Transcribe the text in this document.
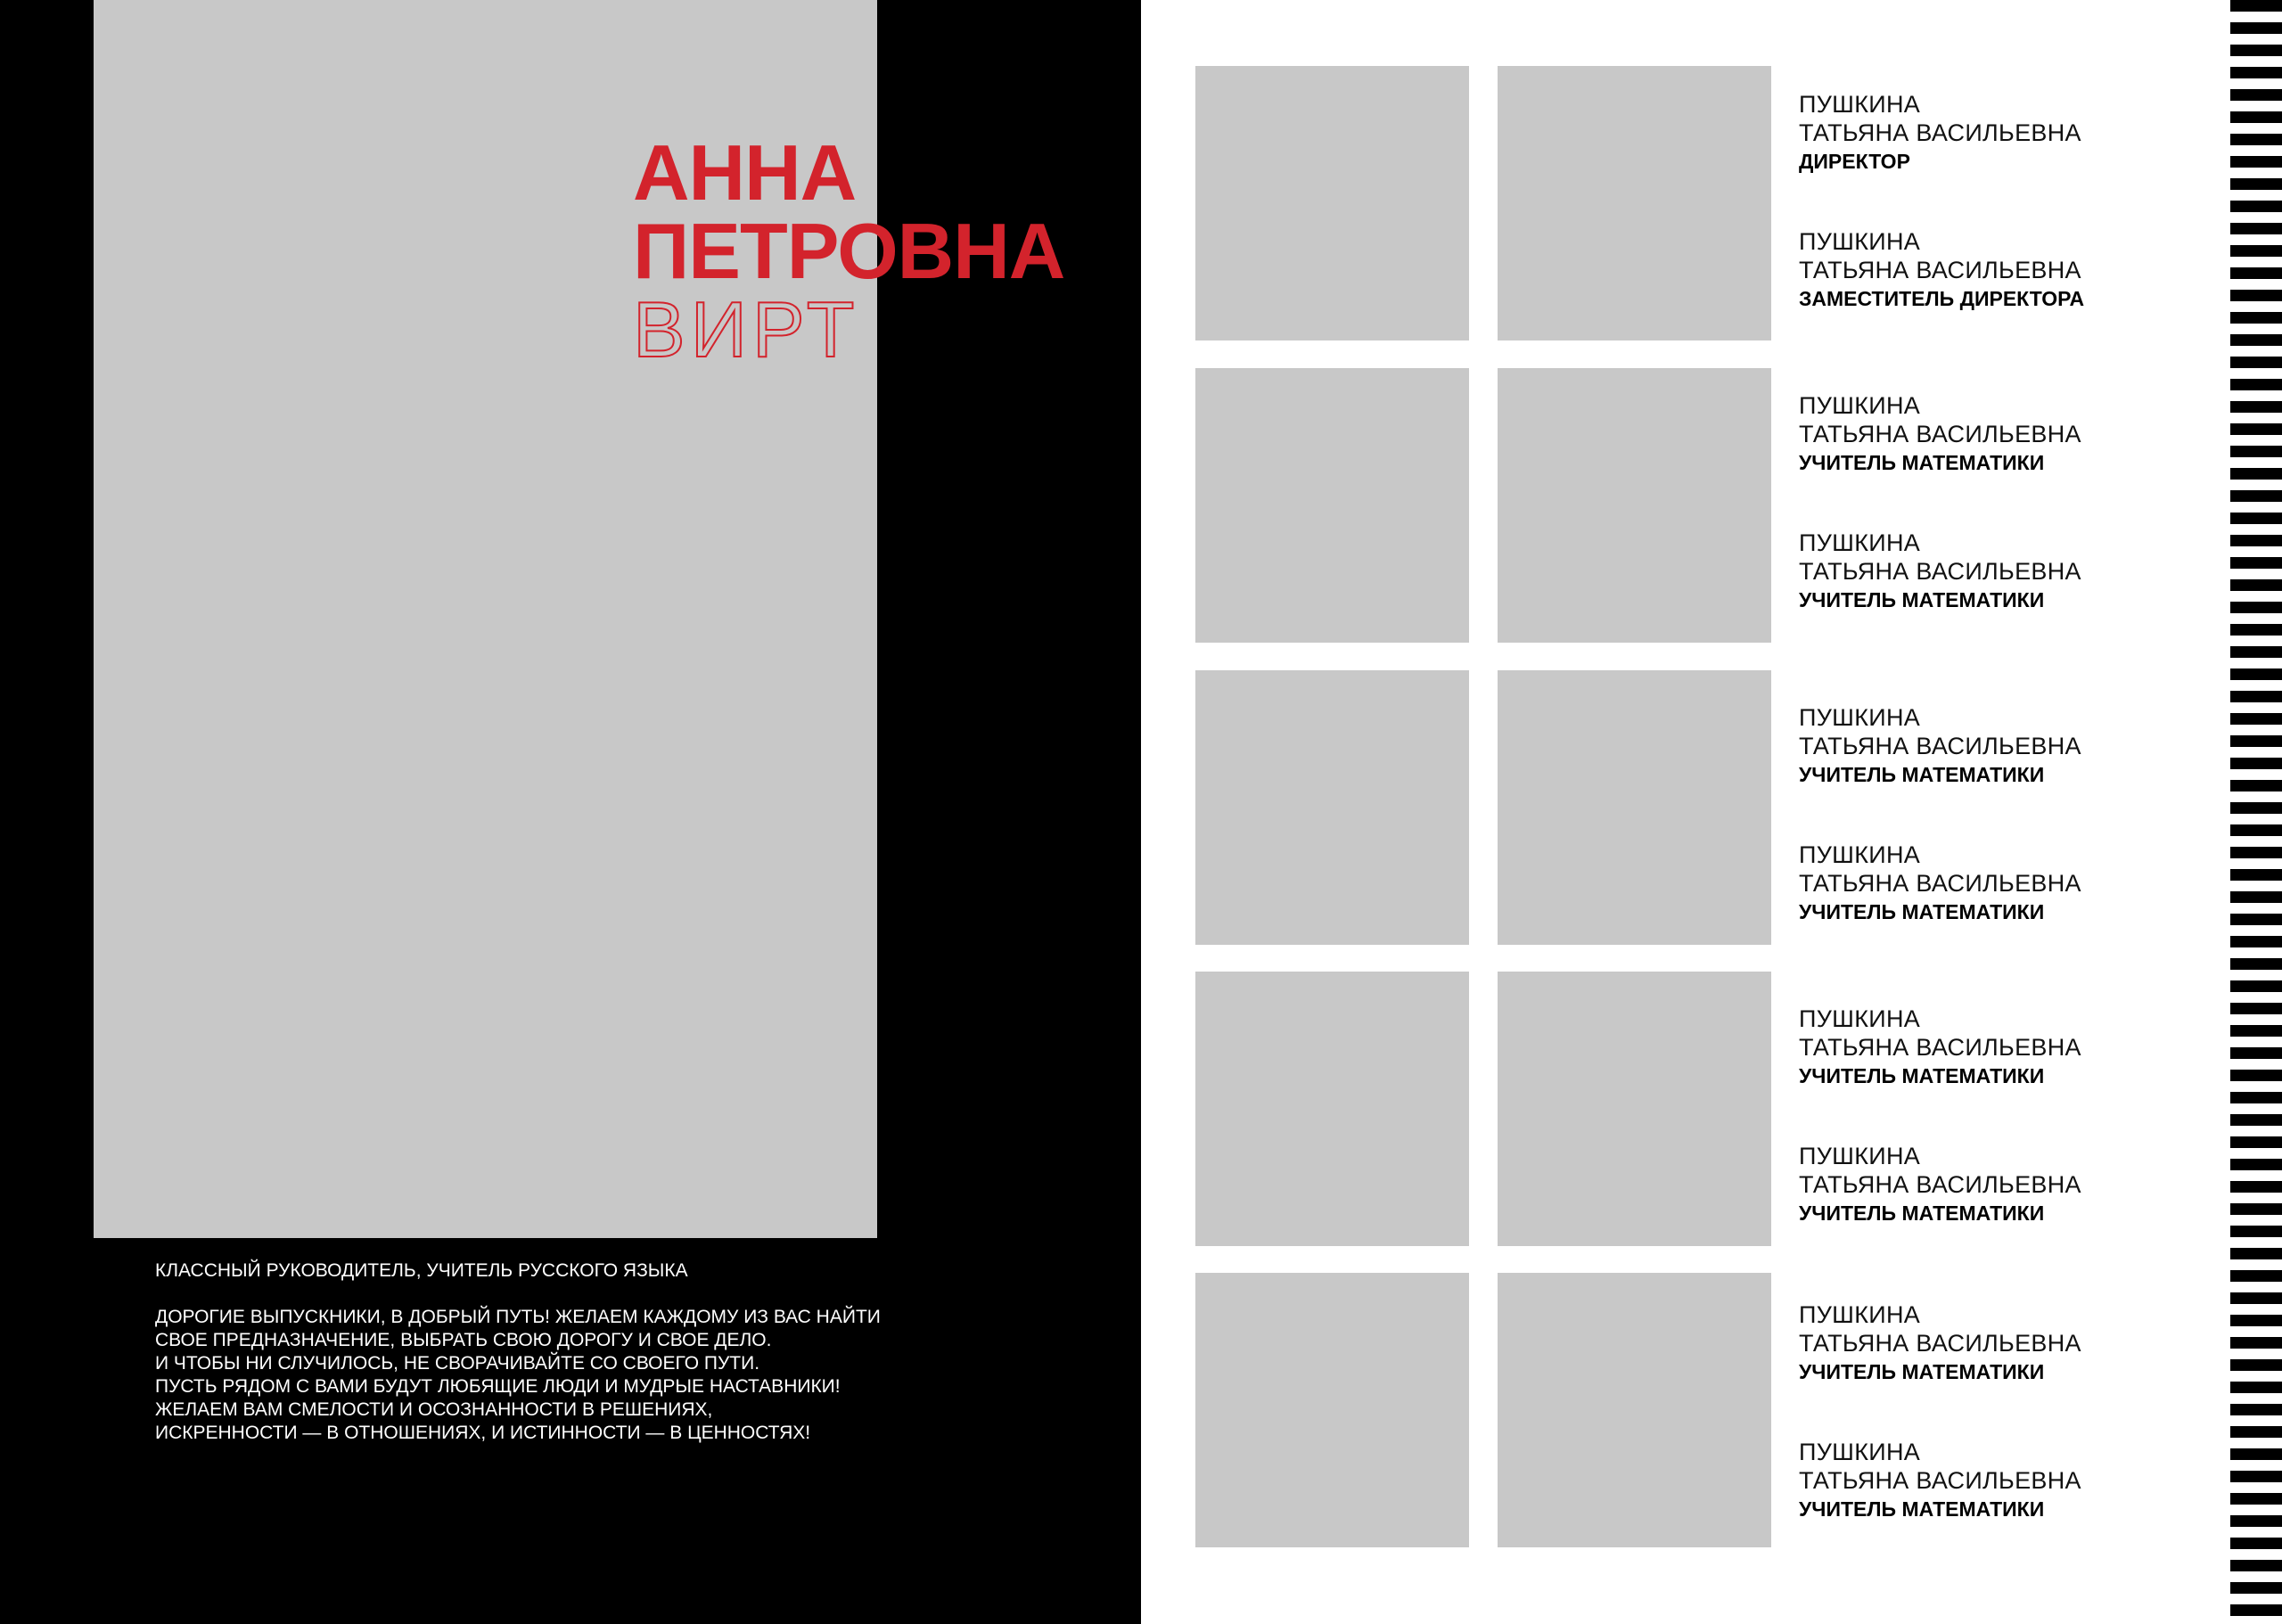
АННА
ПЕТРОВНА
ВИРТ
КЛАССНЫЙ РУКОВОДИТЕЛЬ, УЧИТЕЛЬ РУССКОГО ЯЗЫКА
ДОРОГИЕ ВЫПУСКНИКИ, В ДОБРЫЙ ПУТЬ! ЖЕЛАЕМ КАЖДОМУ ИЗ ВАС НАЙТИ
СВОЕ ПРЕДНАЗНАЧЕНИЕ, ВЫБРАТЬ СВОЮ ДОРОГУ И СВОЕ ДЕЛО.
И ЧТОБЫ НИ СЛУЧИЛОСЬ, НЕ СВОРАЧИВАЙТЕ СО СВОЕГО ПУТИ.
ПУСТЬ РЯДОМ С ВАМИ БУДУТ ЛЮБЯЩИЕ ЛЮДИ И МУДРЫЕ НАСТАВНИКИ!
ЖЕЛАЕМ ВАМ СМЕЛОСТИ И ОСОЗНАННОСТИ В РЕШЕНИЯХ,
ИСКРЕННОСТИ — В ОТНОШЕНИЯХ, И ИСТИННОСТИ — В ЦЕННОСТЯХ!
ПУШКИНА
ТАТЬЯНА ВАСИЛЬЕВНА
ДИРЕКТОР
ПУШКИНА
ТАТЬЯНА ВАСИЛЬЕВНА
ЗАМЕСТИТЕЛЬ ДИРЕКТОРА
ПУШКИНА
ТАТЬЯНА ВАСИЛЬЕВНА
УЧИТЕЛЬ МАТЕМАТИКИ
ПУШКИНА
ТАТЬЯНА ВАСИЛЬЕВНА
УЧИТЕЛЬ МАТЕМАТИКИ
ПУШКИНА
ТАТЬЯНА ВАСИЛЬЕВНА
УЧИТЕЛЬ МАТЕМАТИКИ
ПУШКИНА
ТАТЬЯНА ВАСИЛЬЕВНА
УЧИТЕЛЬ МАТЕМАТИКИ
ПУШКИНА
ТАТЬЯНА ВАСИЛЬЕВНА
УЧИТЕЛЬ МАТЕМАТИКИ
ПУШКИНА
ТАТЬЯНА ВАСИЛЬЕВНА
УЧИТЕЛЬ МАТЕМАТИКИ
ПУШКИНА
ТАТЬЯНА ВАСИЛЬЕВНА
УЧИТЕЛЬ МАТЕМАТИКИ
ПУШКИНА
ТАТЬЯНА ВАСИЛЬЕВНА
УЧИТЕЛЬ МАТЕМАТИКИ
